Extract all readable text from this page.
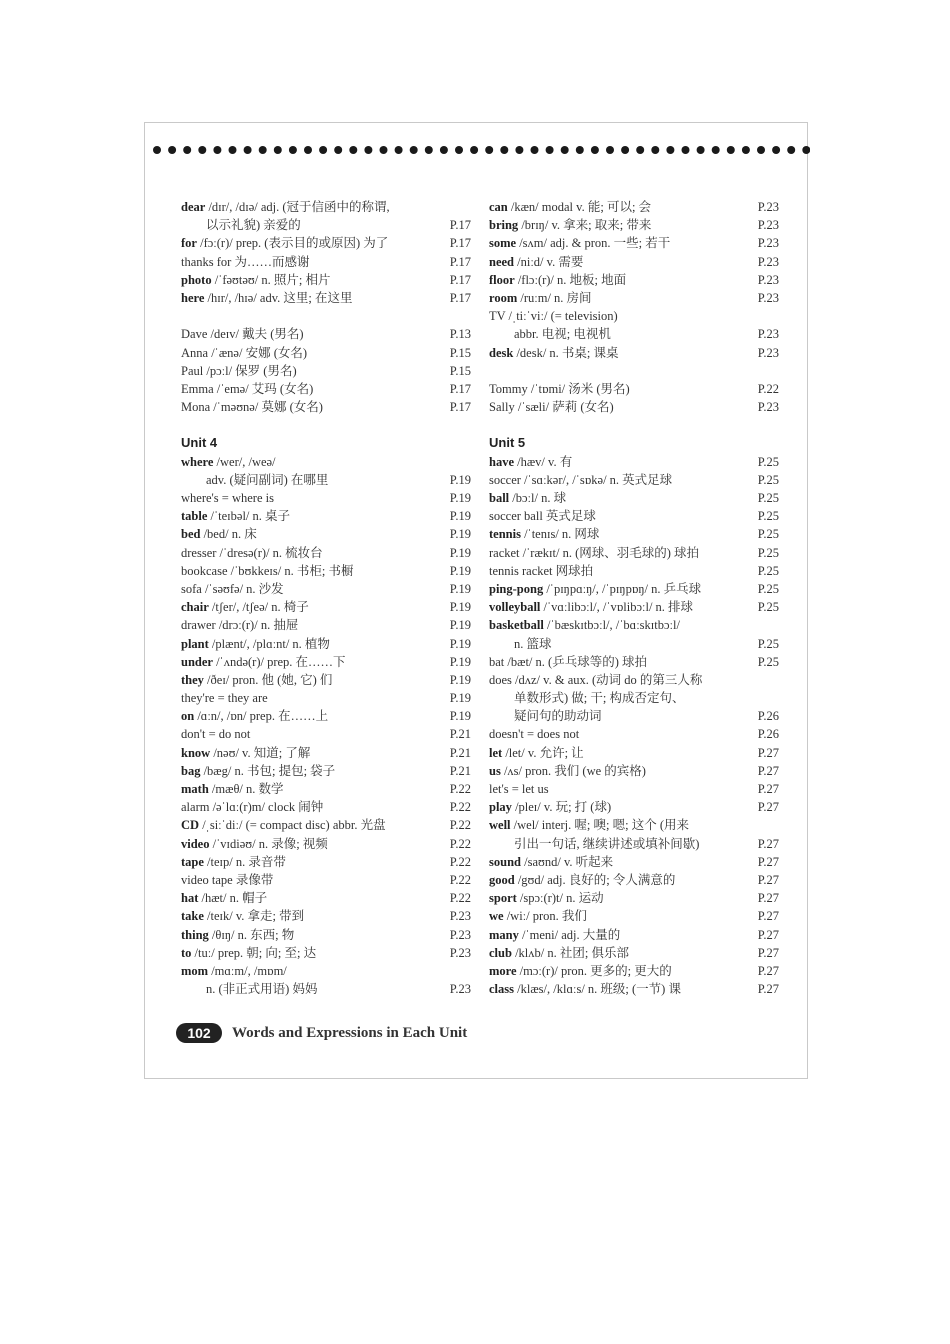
dear /dɪr/, /dɪə/ adj. (冠于信函中的称谓,
以示礼貌) 亲爱的	P.17
for /fɔː(r)/ prep. (表示目的或原因) 为了	P.17
thanks for 为……而感谢	P.17
photo /ˈfəʊtəʊ/ n. 照片; 相片	P.17
here /hɪr/, /hɪə/ adv. 这里; 在这里	P.17
Dave /deɪv/ 戴夫 (男名)	P.13
Anna /ˈænə/ 安娜 (女名)	P.15
Paul /pɔːl/ 保罗 (男名)	P.15
Emma /ˈemə/ 艾玛 (女名)	P.17
Mona /ˈməʊnə/ 莫娜 (女名)	P.17
Unit 4
where /wer/, /weə/
adv. (疑问副词) 在哪里	P.19
where's = where is	P.19
table /ˈteɪbəl/ n. 桌子	P.19
bed /bed/ n. 床	P.19
dresser /ˈdresə(r)/ n. 梳妆台	P.19
bookcase /ˈbʊkkeɪs/ n. 书柜; 书橱	P.19
sofa /ˈsəʊfə/ n. 沙发	P.19
chair /tʃer/, /tʃeə/ n. 椅子	P.19
drawer /drɔː(r)/ n. 抽屉	P.19
plant /plænt/, /plɑːnt/ n. 植物	P.19
under /ˈʌndə(r)/ prep. 在……下	P.19
they /ðeɪ/ pron. 他 (她, 它) 们	P.19
they're = they are	P.19
on /ɑːn/, /ɒn/ prep. 在……上	P.19
don't = do not	P.21
know /nəʊ/ v. 知道; 了解	P.21
bag /bæg/ n. 书包; 提包; 袋子	P.21
math /mæθ/ n. 数学	P.22
alarm /əˈlɑː(r)m/ clock 闹钟	P.22
CD /ˌsiːˈdiː/ (= compact disc) abbr. 光盘	P.22
video /ˈvɪdiəʊ/ n. 录像; 视频	P.22
tape /teɪp/ n. 录音带	P.22
video tape 录像带	P.22
hat /hæt/ n. 帽子	P.22
take /teɪk/ v. 拿走; 带到	P.23
thing /θɪŋ/ n. 东西; 物	P.23
to /tuː/ prep. 朝; 向; 至; 达	P.23
mom /mɑːm/, /mɒm/
n. (非正式用语) 妈妈	P.23
can /kæn/ modal v. 能; 可以; 会	P.23
bring /brɪŋ/ v. 拿来; 取来; 带来	P.23
some /sʌm/ adj. & pron. 一些; 若干	P.23
need /niːd/ v. 需要	P.23
floor /flɔː(r)/ n. 地板; 地面	P.23
room /ruːm/ n. 房间	P.23
TV /ˌtiːˈviː/ (= television)
abbr. 电视; 电视机	P.23
desk /desk/ n. 书桌; 课桌	P.23
Tommy /ˈtɒmi/ 汤米 (男名)	P.22
Sally /ˈsæli/ 萨莉 (女名)	P.23
Unit 5
have /hæv/ v. 有	P.25
soccer /ˈsɑːkər/, /ˈsɒkə/ n. 英式足球	P.25
ball /bɔːl/ n. 球	P.25
soccer ball 英式足球	P.25
tennis /ˈtenɪs/ n. 网球	P.25
racket /ˈrækɪt/ n. (网球、羽毛球的) 球拍	P.25
tennis racket 网球拍	P.25
ping-pong /ˈpɪŋpɑːŋ/, /ˈpɪŋpɒŋ/ n. 乒乓球	P.25
volleyball /ˈvɑːlibɔːl/, /ˈvɒlibɔːl/ n. 排球	P.25
basketball /ˈbæskɪtbɔːl/, /ˈbɑːskɪtbɔːl/
n. 篮球	P.25
bat /bæt/ n. (乒乓球等的) 球拍	P.25
does /dʌz/ v. & aux. (动词 do 的第三人称
单数形式) 做; 干; 构成否定句、
疑问句的助动词	P.26
doesn't = does not	P.26
let /let/ v. 允许; 让	P.27
us /ʌs/ pron. 我们 (we 的宾格)	P.27
let's = let us	P.27
play /pleɪ/ v. 玩; 打 (球)	P.27
well /wel/ interj. 喔; 噢; 嗯; 这个 (用来
引出一句话, 继续讲述或填补间歇)	P.27
sound /saʊnd/ v. 听起来	P.27
good /gʊd/ adj. 良好的; 令人满意的	P.27
sport /spɔː(r)t/ n. 运动	P.27
we /wiː/ pron. 我们	P.27
many /ˈmeni/ adj. 大量的	P.27
club /klʌb/ n. 社团; 俱乐部	P.27
more /mɔː(r)/ pron. 更多的; 更大的	P.27
class /klæs/, /klɑːs/ n. 班级; (一节) 课	P.27
102	Words and Expressions in Each Unit
